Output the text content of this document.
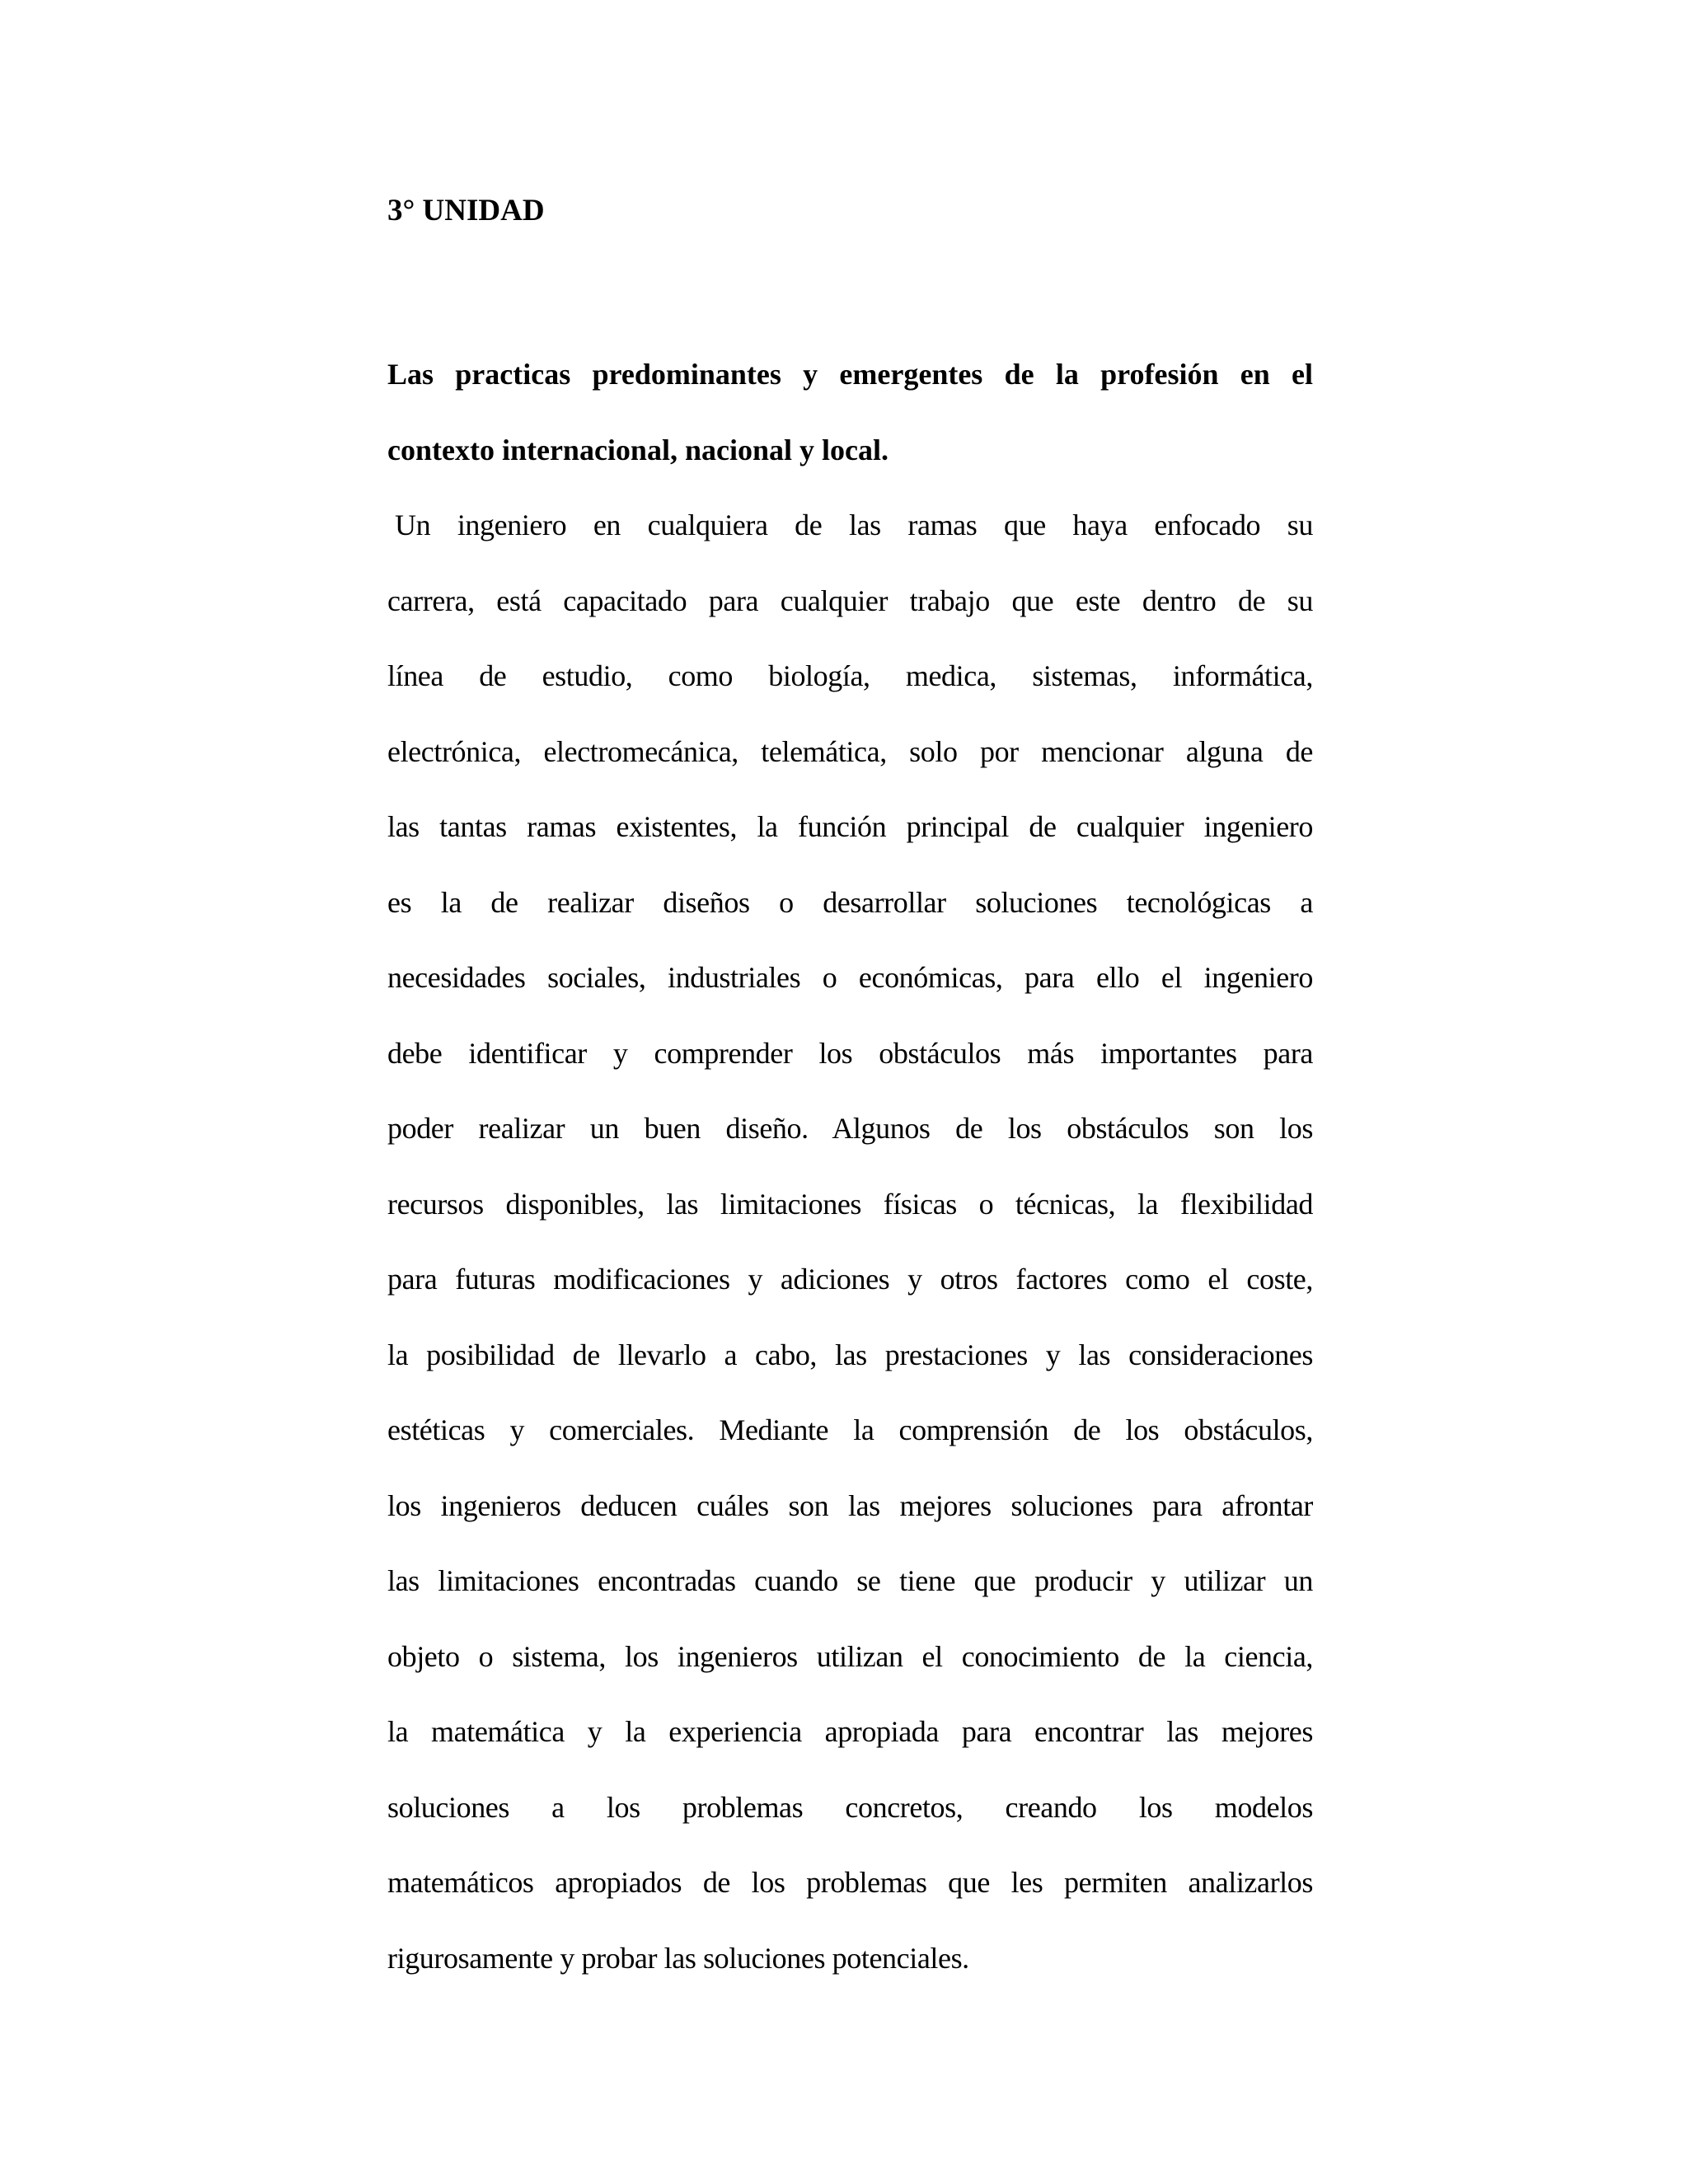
3° UNIDAD
Las practicas predominantes y emergentes de la profesión en el
contexto internacional, nacional y local.
Un ingeniero en cualquiera de las ramas que haya enfocado su
carrera, está capacitado para cualquier trabajo que este dentro de su
línea de estudio, como biología, medica, sistemas, informática,
electrónica, electromecánica, telemática, solo por mencionar alguna de
las tantas ramas existentes, la función principal de cualquier ingeniero
es la de realizar diseños o desarrollar soluciones tecnológicas a
necesidades sociales, industriales o económicas, para ello el ingeniero
debe identificar y comprender los obstáculos más importantes para
poder realizar un buen diseño. Algunos de los obstáculos son los
recursos disponibles, las limitaciones físicas o técnicas, la flexibilidad
para futuras modificaciones y adiciones y otros factores como el coste,
la posibilidad de llevarlo a cabo, las prestaciones y las consideraciones
estéticas y comerciales. Mediante la comprensión de los obstáculos,
los ingenieros deducen cuáles son las mejores soluciones para afrontar
las limitaciones encontradas cuando se tiene que producir y utilizar un
objeto o sistema, los ingenieros utilizan el conocimiento de la ciencia,
la matemática y la experiencia apropiada para encontrar las mejores
soluciones a los problemas concretos, creando los modelos
matemáticos apropiados de los problemas que les permiten analizarlos
rigurosamente y probar las soluciones potenciales.
